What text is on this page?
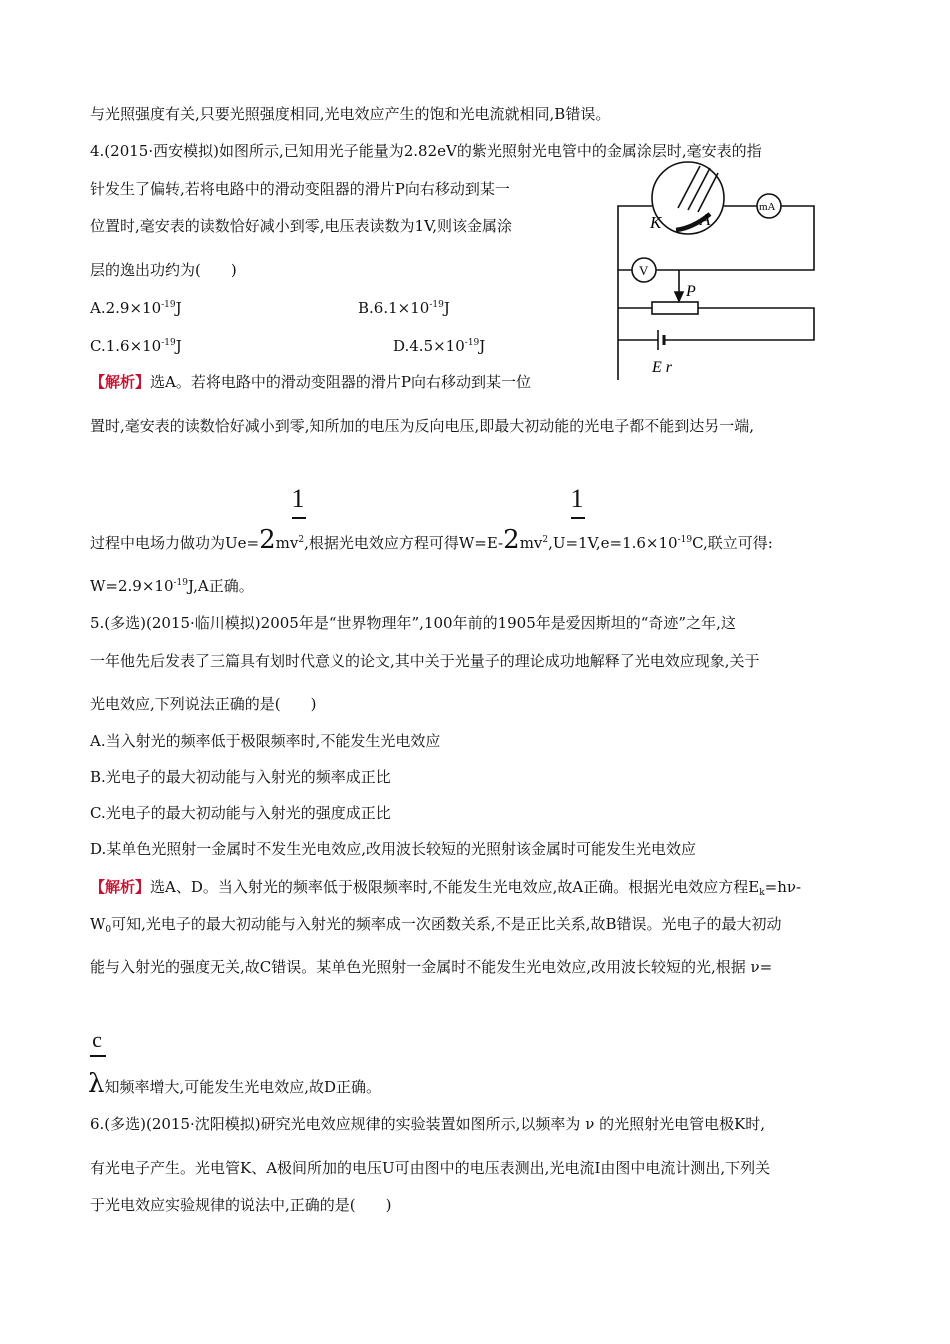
与光照强度有关,只要光照强度相同,光电效应产生的饱和光电流就相同,B错误。
4.(2015·西安模拟)如图所示,已知用光子能量为2.82eV的紫光照射光电管中的金属涂层时,毫安表的指
针发生了偏转,若将电路中的滑动变阻器的滑片P向右移动到某一
位置时,毫安表的读数恰好减小到零,电压表读数为1V,则该金属涂
层的逸出功约为(　　)
$A.2.9\times 10^{-19}J$	$B.6.1\times 10^{-19}J$
$C.1.6\times 10^{-19}J$	$D.4.5\times 10^{-19}J$
K A
mA
V
P
E r
【解析】选A。若将电路中的滑动变阻器的滑片P向右移动到某一位
置时,毫安表的读数恰好减小到零,知所加的电压为反向电压,即最大初动能的光电子都不能到达另一端,
1	1
过程中电场力做功为$Ue=2mv^2$,根据光电效应方程可得$W=E-2mv^2,U=1V,e=1.6\times 10^{-19}C$,联立可得:
$W=2.9\times 10^{-19}J,A$正确。
5.(多选)(2015·临川模拟)2005年是“世界物理年”,100年前的1905年是爱因斯坦的“奇迹”之年,这
一年他先后发表了三篇具有划时代意义的论文,其中关于光量子的理论成功地解释了光电效应现象,关于
光电效应,下列说法正确的是(　　)
A.当入射光的频率低于极限频率时,不能发生光电效应
B.光电子的最大初动能与入射光的频率成正比
C.光电子的最大初动能与入射光的强度成正比
D.某单色光照射一金属时不发生光电效应,改用波长较短的光照射该金属时可能发生光电效应
【解析】选A、D。当入射光的频率低于极限频率时,不能发生光电效应,故A正确。根据光电效应方程$E_k=h\nu-$
$W_0$可知,光电子的最大初动能与入射光的频率成一次函数关系,不是正比关系,故B错误。光电子的最大初动
能与入射光的强度无关,故C错误。某单色光照射一金属时不能发生光电效应,改用波长较短的光,根据 ν=
c
λ知频率增大,可能发生光电效应,故D正确。
6.(多选)(2015·沈阳模拟)研究光电效应规律的实验装置如图所示,以频率为 ν 的光照射光电管电极K时,
有光电子产生。光电管K、A极间所加的电压U可由图中的电压表测出,光电流I由图中电流计测出,下列关
于光电效应实验规律的说法中,正确的是(　　)
